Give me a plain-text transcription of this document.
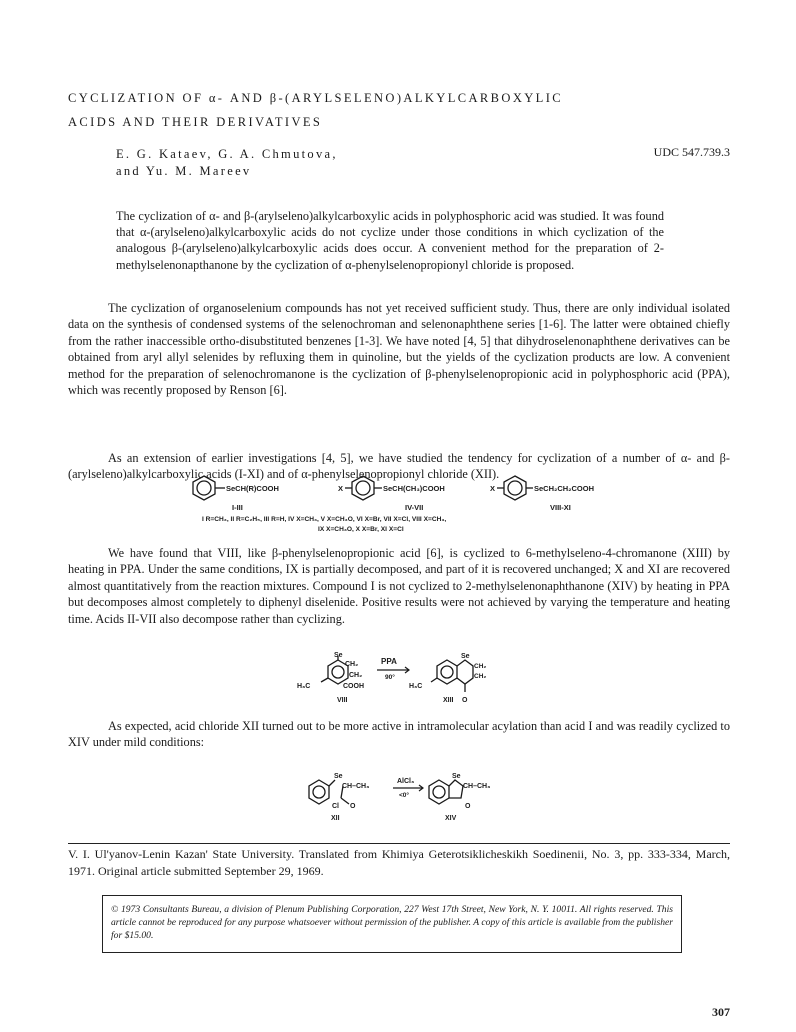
CYCLIZATION OF α- AND β-(ARYLSELENO)ALKYLCARBOXYLIC
ACIDS AND THEIR DERIVATIVES
E. G. Kataev, G. A. Chmutova,
and Yu. M. Mareev
UDC 547.739.3
The cyclization of α- and β-(arylseleno)alkylcarboxylic acids in polyphosphoric acid was studied. It was found that α-(arylseleno)alkylcarboxylic acids do not cyclize under those conditions in which cyclization of the analogous β-(arylseleno)alkylcarboxylic acids does occur. A convenient method for the preparation of 2-methylselenonapthanone by the cyclization of α-phenylselenopropionyl chloride is proposed.
The cyclization of organoselenium compounds has not yet received sufficient study. Thus, there are only individual isolated data on the synthesis of condensed systems of the selenochroman and selenonaphthene series [1-6]. The latter were obtained chiefly from the rather inaccessible ortho-disubstituted benzenes [1-3]. We have noted [4, 5] that dihydroselenonaphthene derivatives can be obtained from aryl allyl selenides by refluxing them in quinoline, but the yields of the cyclization products are low. A convenient method for the preparation of selenochromanone is the cyclization of β-phenylselenopropionic acid in polyphosphoric acid (PPA), which was recently proposed by Renson [6].
As an extension of earlier investigations [4, 5], we have studied the tendency for cyclization of a number of α- and β-(arylseleno)alkylcarboxylic acids (I-XI) and of α-phenylselenopropionyl chloride (XII).
SeCH(R)COOH
I-III
X	SeCH(CH₃)COOH
IV-VII
X	SeCH₂CH₂COOH
VIII-XI
I R=CH₃, II R=C₂H₅, III R=H, IV X=CH₃, V X=CH₃O, VI X=Br, VII X=Cl, VIII X=CH₃,
IX X=CH₃O, X X=Br, XI X=Cl
We have found that VIII, like β-phenylselenopropionic acid [6], is cyclized to 6-methylseleno-4-chromanone (XIII) by heating in PPA. Under the same conditions, IX is partially decomposed, and part of it is recovered unchanged; X and XI are recovered almost quantitatively from the reaction mixtures. Compound I is not cyclized to 2-methylselenonaphthanone (XIV) by heating in PPA but decomposes almost completely to diphenyl diselenide. Positive results were not achieved by varying the temperature and heating time. Acids II-VII also decompose rather than cyclizing.
Se
CH₂
CH₂
COOH
H₃C
VIII
PPA
90°
Se
CH₂
CH₂
H₃C
O
XIII
As expected, acid chloride XII turned out to be more active in intramolecular acylation than acid I and was readily cyclized to XIV under mild conditions:
Se
CH–CH₃
Cl O
XII
AlCl₃
<0°
Se
CH–CH₃
O
XIV
V. I. Ul'yanov-Lenin Kazan' State University. Translated from Khimiya Geterotsiklicheskikh Soedinenii, No. 3, pp. 333-334, March, 1971. Original article submitted September 29, 1969.
© 1973 Consultants Bureau, a division of Plenum Publishing Corporation, 227 West 17th Street, New York, N. Y. 10011. All rights reserved. This article cannot be reproduced for any purpose whatsoever without permission of the publisher. A copy of this article is available from the publisher for $15.00.
307
